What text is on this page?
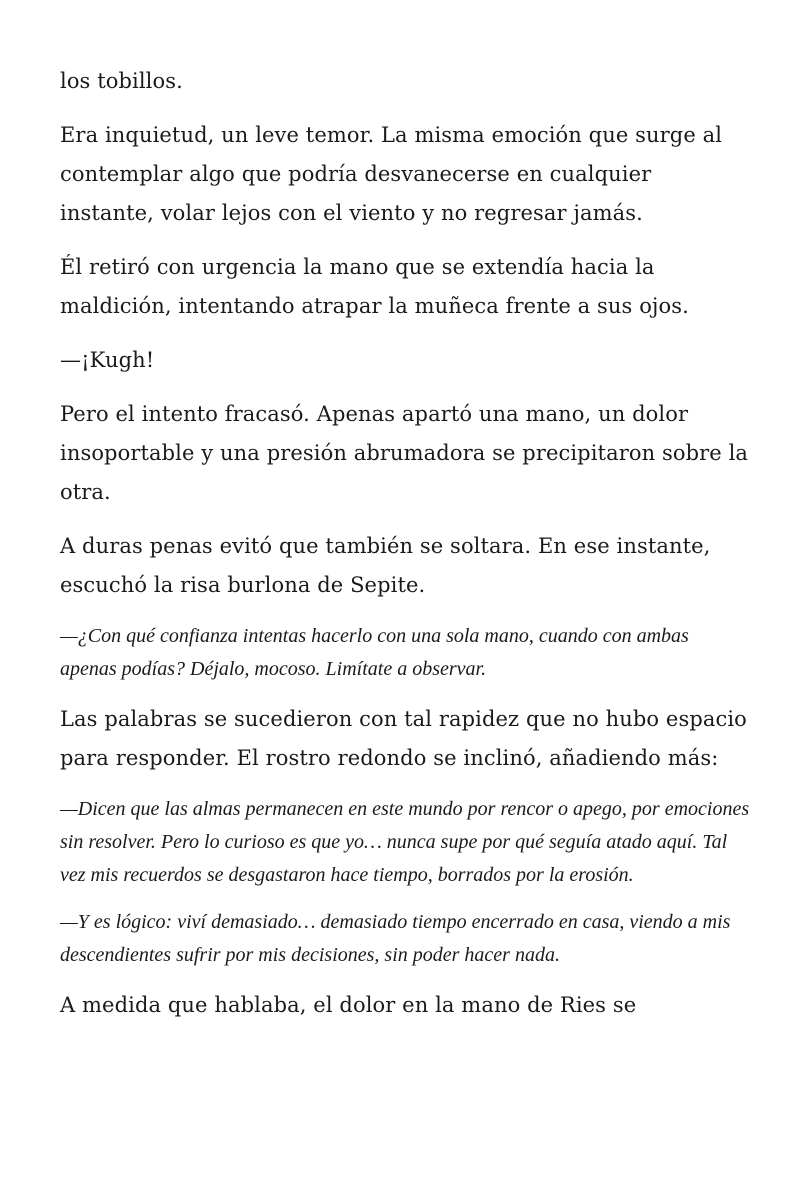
los tobillos.

Era inquietud, un leve temor. La misma emoción que surge al contemplar algo que podría desvanecerse en cualquier instante, volar lejos con el viento y no regresar jamás.

Él retiró con urgencia la mano que se extendía hacia la maldición, intentando atrapar la muñeca frente a sus ojos.

—¡Kugh!

Pero el intento fracasó. Apenas apartó una mano, un dolor insoportable y una presión abrumadora se precipitaron sobre la otra.

A duras penas evitó que también se soltara. En ese instante, escuchó la risa burlona de Sepite.

—¿Con qué confianza intentas hacerlo con una sola mano, cuando con ambas apenas podías? Déjalo, mocoso. Limítate a observar.

Las palabras se sucedieron con tal rapidez que no hubo espacio para responder. El rostro redondo se inclinó, añadiendo más:

—Dicen que las almas permanecen en este mundo por rencor o apego, por emociones sin resolver. Pero lo curioso es que yo… nunca supe por qué seguía atado aquí. Tal vez mis recuerdos se desgastaron hace tiempo, borrados por la erosión.

—Y es lógico: viví demasiado… demasiado tiempo encerrado en casa, viendo a mis descendientes sufrir por mis decisiones, sin poder hacer nada.

A medida que hablaba, el dolor en la mano de Ries se
